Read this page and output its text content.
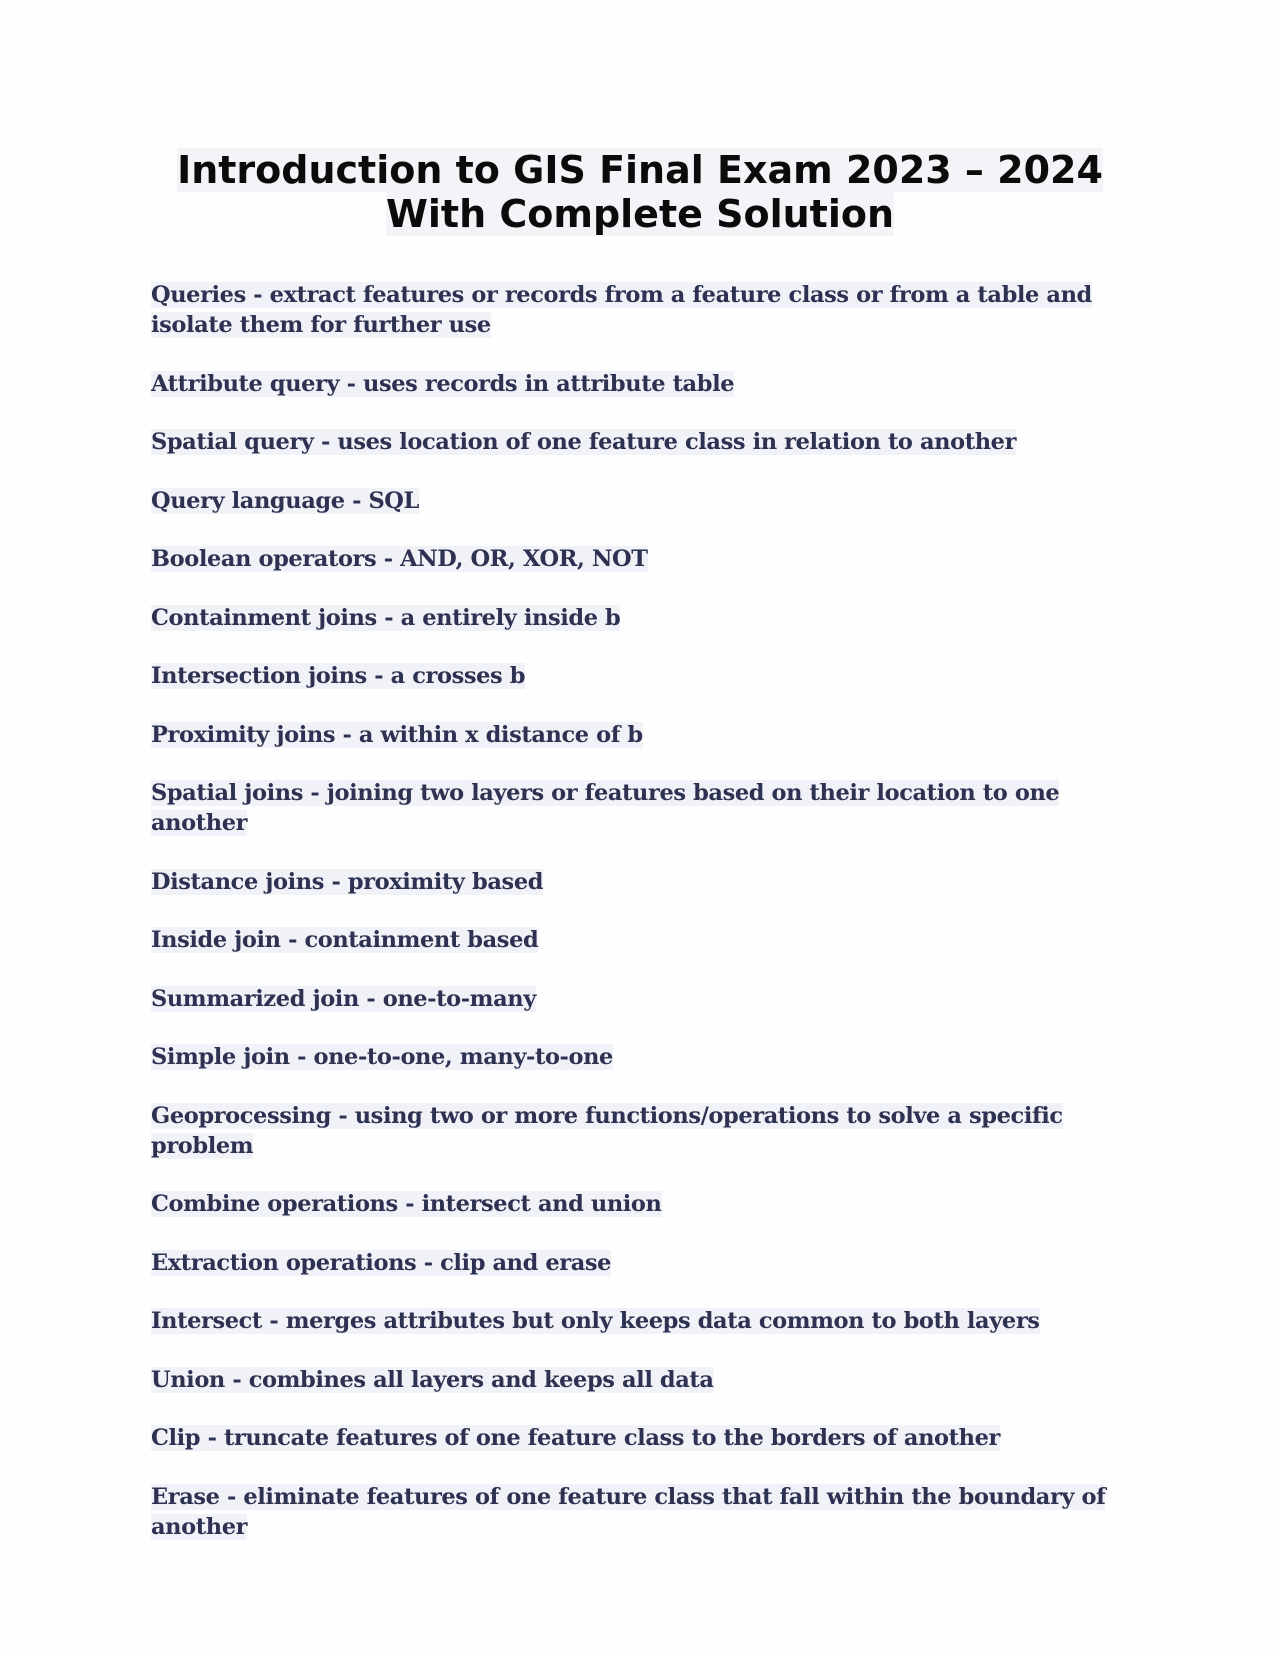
Introduction to GIS Final Exam 2023 – 2024
With Complete Solution
Queries - extract features or records from a feature class or from a table and isolate them for further use
Attribute query - uses records in attribute table
Spatial query - uses location of one feature class in relation to another
Query language - SQL
Boolean operators - AND, OR, XOR, NOT
Containment joins - a entirely inside b
Intersection joins - a crosses b
Proximity joins - a within x distance of b
Spatial joins - joining two layers or features based on their location to one another
Distance joins - proximity based
Inside join - containment based
Summarized join - one-to-many
Simple join - one-to-one, many-to-one
Geoprocessing - using two or more functions/operations to solve a specific problem
Combine operations - intersect and union
Extraction operations - clip and erase
Intersect - merges attributes but only keeps data common to both layers
Union - combines all layers and keeps all data
Clip - truncate features of one feature class to the borders of another
Erase - eliminate features of one feature class that fall within the boundary of another
